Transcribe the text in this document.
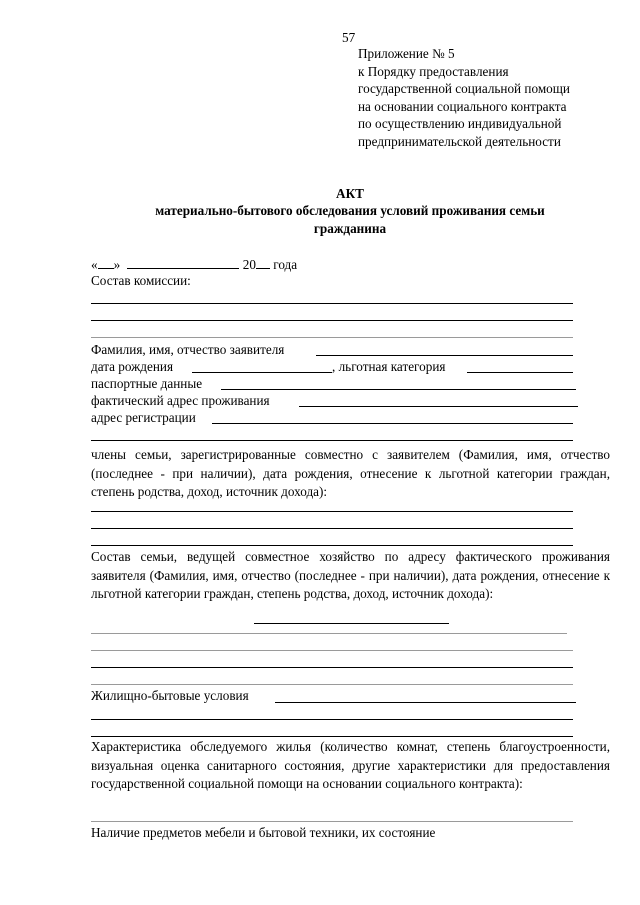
57
Приложение № 5
к Порядку предоставления
государственной социальной помощи
на основании социального контракта
по осуществлению индивидуальной
предпринимательской деятельности
АКТ
материально-бытового обследования условий проживания семьи
гражданина
« »	20 года
Состав комиссии:
Фамилия, имя, отчество заявителя
дата рождения	, льготная категория
паспортные данные
фактический адрес проживания
адрес регистрации
члены семьи, зарегистрированные совместно с заявителем (Фамилия, имя, отчество (последнее - при наличии), дата рождения, отнесение к льготной категории граждан, степень родства, доход, источник дохода):
Состав семьи, ведущей совместное хозяйство по адресу фактического проживания заявителя (Фамилия, имя, отчество (последнее - при наличии), дата рождения, отнесение к льготной категории граждан, степень родства, доход, источник дохода):
Жилищно-бытовые условия
Характеристика обследуемого жилья (количество комнат, степень благоустроенности, визуальная оценка санитарного состояния, другие характеристики для предоставления государственной социальной помощи на основании социального контракта):
Наличие предметов мебели и бытовой техники, их состояние
